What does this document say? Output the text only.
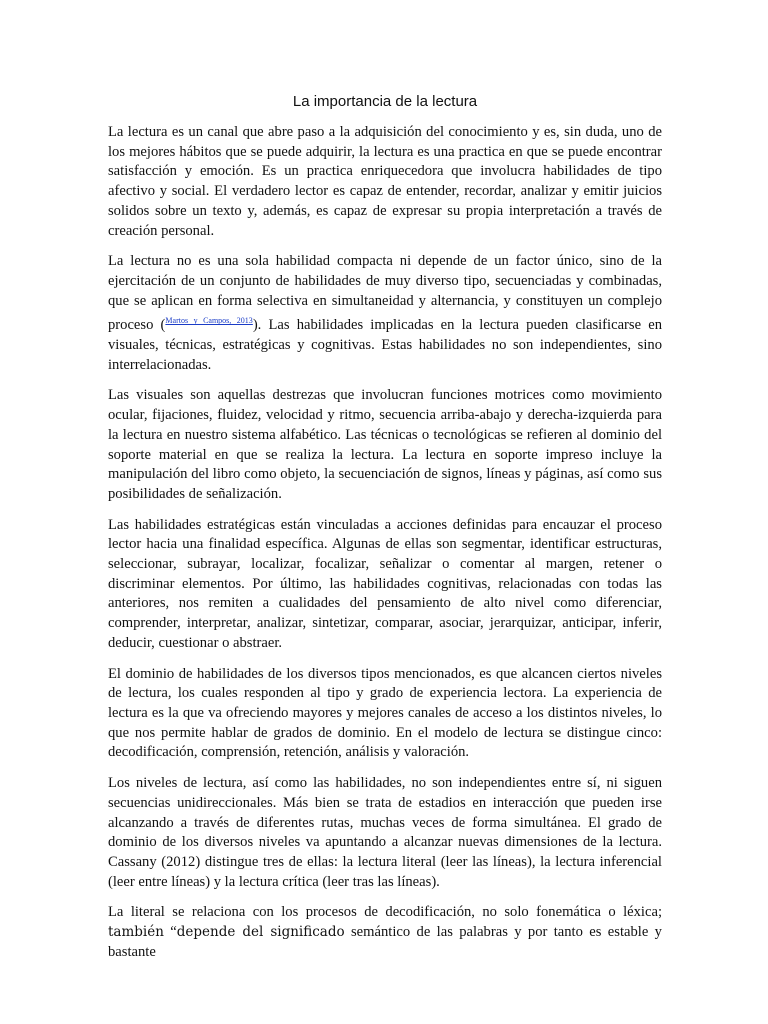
La importancia de la lectura

La lectura es un canal que abre paso a la adquisición del conocimiento y es, sin duda, uno de los mejores hábitos que se puede adquirir, la lectura es una practica en que se puede encontrar satisfacción y emoción. Es un practica enriquecedora que involucra habilidades de tipo afectivo y social. El verdadero lector es capaz de entender, recordar, analizar y emitir juicios solidos sobre un texto y, además, es capaz de expresar su propia interpretación a través de creación personal.

La lectura no es una sola habilidad compacta ni depende de un factor único, sino de la ejercitación de un conjunto de habilidades de muy diverso tipo, secuenciadas y combinadas, que se aplican en forma selectiva en simultaneidad y alternancia, y constituyen un complejo proceso ($^{Martos y Campos, 2013}$). Las habilidades implicadas en la lectura pueden clasificarse en visuales, técnicas, estratégicas y cognitivas. Estas habilidades no son independientes, sino interrelacionadas.

Las visuales son aquellas destrezas que involucran funciones motrices como movimiento ocular, fijaciones, fluidez, velocidad y ritmo, secuencia arriba-abajo y derecha-izquierda para la lectura en nuestro sistema alfabético. Las técnicas o tecnológicas se refieren al dominio del soporte material en que se realiza la lectura. La lectura en soporte impreso incluye la manipulación del libro como objeto, la secuenciación de signos, líneas y páginas, así como sus posibilidades de señalización.

Las habilidades estratégicas están vinculadas a acciones definidas para encauzar el proceso lector hacia una finalidad específica. Algunas de ellas son segmentar, identificar estructuras, seleccionar, subrayar, localizar, focalizar, señalizar o comentar al margen, retener o discriminar elementos. Por último, las habilidades cognitivas, relacionadas con todas las anteriores, nos remiten a cualidades del pensamiento de alto nivel como diferenciar, comprender, interpretar, analizar, sintetizar, comparar, asociar, jerarquizar, anticipar, inferir, deducir, cuestionar o abstraer.

El dominio de habilidades de los diversos tipos mencionados, es que alcancen ciertos niveles de lectura, los cuales responden al tipo y grado de experiencia lectora. La experiencia de lectura es la que va ofreciendo mayores y mejores canales de acceso a los distintos niveles, lo que nos permite hablar de grados de dominio. En el modelo de lectura se distingue cinco: decodificación, comprensión, retención, análisis y valoración.

Los niveles de lectura, así como las habilidades, no son independientes entre sí, ni siguen secuencias unidireccionales. Más bien se trata de estadios en interacción que pueden irse alcanzando a través de diferentes rutas, muchas veces de forma simultánea. El grado de dominio de los diversos niveles va apuntando a alcanzar nuevas dimensiones de la lectura. Cassany (2012) distingue tres de ellas: la lectura literal (leer las líneas), la lectura inferencial (leer entre líneas) y la lectura crítica (leer tras las líneas).

La literal se relaciona con los procesos de decodificación, no solo fonemática o léxica; también “depende del significado semántico de las palabras y por tanto es estable y bastante
